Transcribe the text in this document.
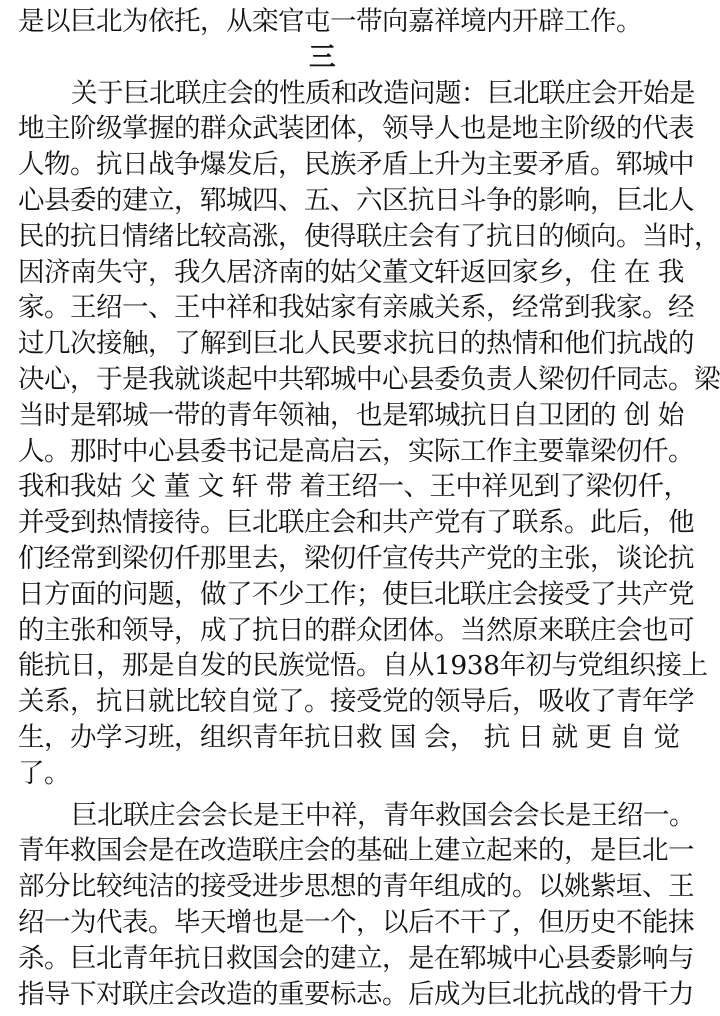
是以巨北为依托，从栾官屯一带向嘉祥境内开辟工作。
三
关于巨北联庄会的性质和改造问题：巨北联庄会开始是
地主阶级掌握的群众武装团体，领导人也是地主阶级的代表
人物。抗日战争爆发后，民族矛盾上升为主要矛盾。郓城中
心县委的建立，郓城四、五、六区抗日斗争的影响，巨北人
民的抗日情绪比较高涨，使得联庄会有了抗日的倾向。当时，
因济南失守，我久居济南的姑父董文轩返回家乡，住 在 我
家。王绍一、王中祥和我姑家有亲戚关系，经常到我家。经
过几次接触，了解到巨北人民要求抗日的热情和他们抗战的
决心，于是我就谈起中共郓城中心县委负责人梁仞仟同志。梁
当时是郓城一带的青年领袖，也是郓城抗日自卫团的 创 始
人。那时中心县委书记是高启云，实际工作主要靠梁仞仟。
我和我姑 父 董 文 轩 带 着王绍一、王中祥见到了梁仞仟，
并受到热情接待。巨北联庄会和共产党有了联系。此后，他
们经常到梁仞仟那里去，梁仞仟宣传共产党的主张，谈论抗
日方面的问题，做了不少工作；使巨北联庄会接受了共产党
的主张和领导，成了抗日的群众团体。当然原来联庄会也可
能抗日，那是自发的民族觉悟。自从1938年初与党组织接上
关系，抗日就比较自觉了。接受党的领导后，吸收了青年学
生，办学习班，组织青年抗日救 国 会， 抗 日 就 更 自 觉
了。
巨北联庄会会长是王中祥，青年救国会会长是王绍一。
青年救国会是在改造联庄会的基础上建立起来的，是巨北一
部分比较纯洁的接受进步思想的青年组成的。以姚紫垣、王
绍一为代表。毕天增也是一个，以后不干了，但历史不能抹
杀。巨北青年抗日救国会的建立，是在郓城中心县委影响与
指导下对联庄会改造的重要标志。后成为巨北抗战的骨干力
